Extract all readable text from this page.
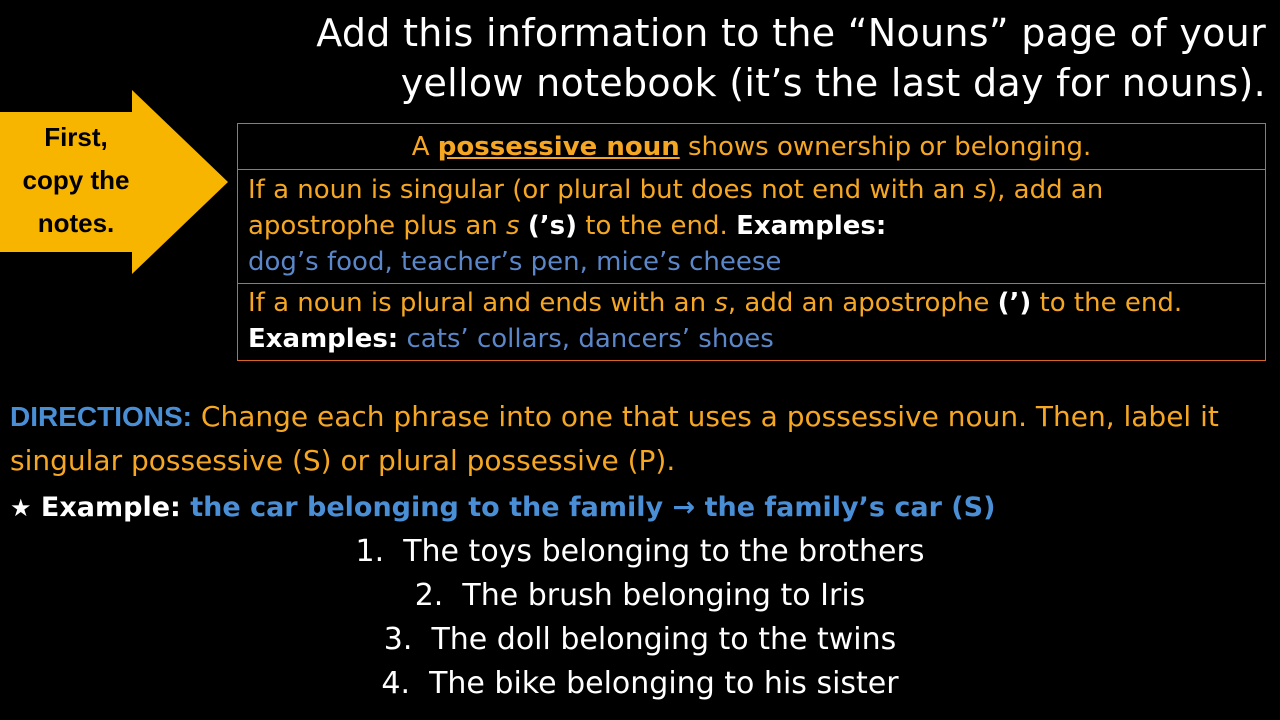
Add this information to the “Nouns” page of your
yellow notebook (it’s the last day for nouns).
First,
copy the
notes.
A possessive noun shows ownership or belonging.
If a noun is singular (or plural but does not end with an s), add an apostrophe plus an s (’s) to the end. Examples:
dog’s food, teacher’s pen, mice’s cheese
If a noun is plural and ends with an s, add an apostrophe (’) to the end. Examples: cats’ collars, dancers’ shoes
DIRECTIONS: Change each phrase into one that uses a possessive noun. Then, label it singular possessive (S) or plural possessive (P).
★ Example: the car belonging to the family → the family’s car (S)
1. The toys belonging to the brothers
2. The brush belonging to Iris
3. The doll belonging to the twins
4. The bike belonging to his sister
